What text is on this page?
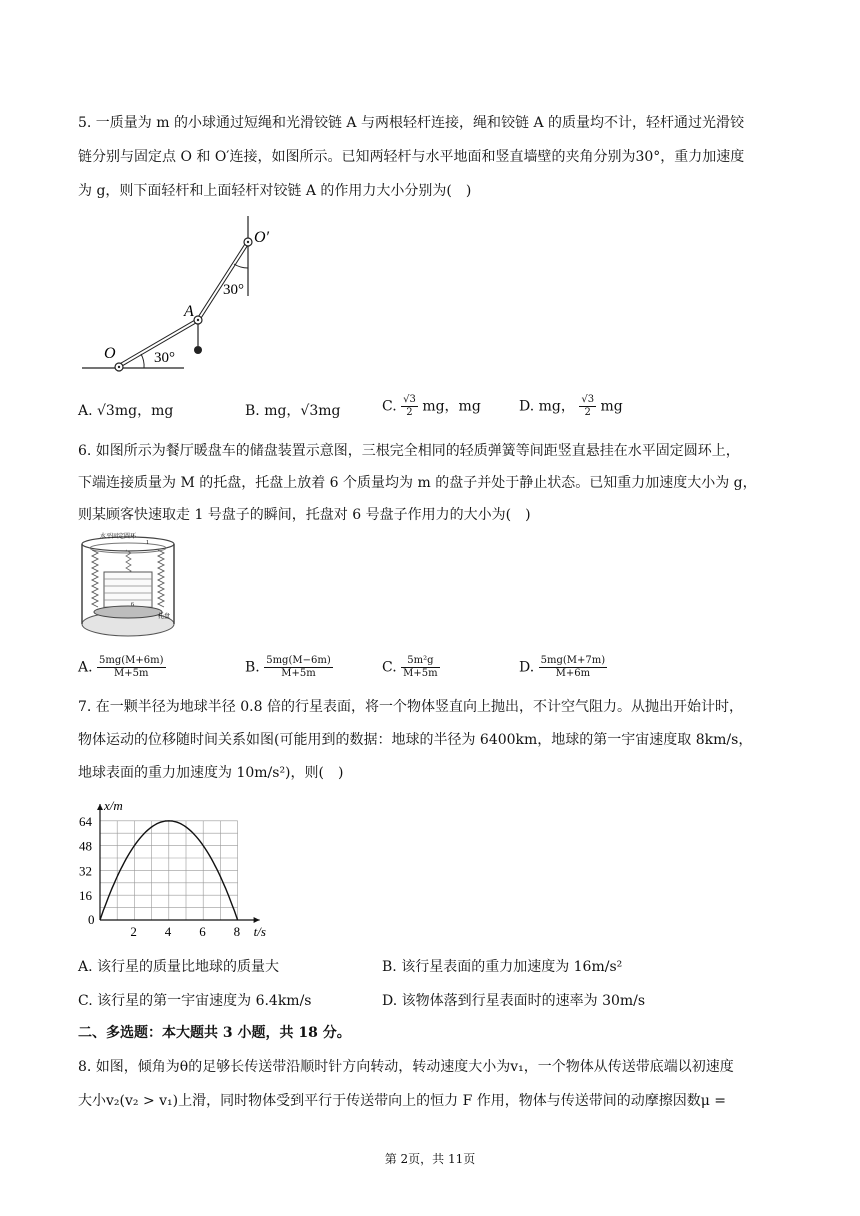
5. 一质量为 m 的小球通过短绳和光滑铰链 A 与两根轻杆连接，绳和铰链 A 的质量均不计，轻杆通过光滑铰
链分别与固定点 O 和 O′连接，如图所示。已知两轻杆与水平地面和竖直墙壁的夹角分别为30°，重力加速度
为 g，则下面轻杆和上面轻杆对铰链 A 的作用力大小分别为(　)
O
A
O′
30°
30°
A. √3mg，mg	B. mg，√3mg	C. $\frac{√3}{2}$ mg，mg	D. mg， $\frac{√3}{2}$ mg
6. 如图所示为餐厅暖盘车的储盘装置示意图，三根完全相同的轻质弹簧等间距竖直悬挂在水平固定圆环上，
下端连接质量为 M 的托盘，托盘上放着 6 个质量均为 m 的盘子并处于静止状态。已知重力加速度大小为 g，
则某顾客快速取走 1 号盘子的瞬间，托盘对 6 号盘子作用力的大小为(　)
水平固定圆环
1
6
托盘
A. $\frac{5mg(M+6m)}{M+5m}$	B. $\frac{5mg(M-6m)}{M+5m}$	C. $\frac{\text{5m²g}}{M+5m}$	D. $\frac{5mg(M+7m)}{M+6m}$
7. 在一颗半径为地球半径 0.8 倍的行星表面，将一个物体竖直向上抛出，不计空气阻力。从抛出开始计时，
物体运动的位移随时间关系如图(可能用到的数据：地球的半径为 6400km，地球的第一宇宙速度取 8km/s，
地球表面的重力加速度为 10m/s²)，则(　)
x/m
t/s
0
2 4 6 8
16
32
48
64
A. 该行星的质量比地球的质量大	B. 该行星表面的重力加速度为 16m/s²
C. 该行星的第一宇宙速度为 6.4km/s	D. 该物体落到行星表面时的速率为 30m/s
二、多选题：本大题共 3 小题，共 18 分。
8. 如图，倾角为θ的足够长传送带沿顺时针方向转动，转动速度大小为v₁，一个物体从传送带底端以初速度
大小v₂(v₂ > v₁)上滑，同时物体受到平行于传送带向上的恒力 F 作用，物体与传送带间的动摩擦因数μ =
第 2页，共 11页
